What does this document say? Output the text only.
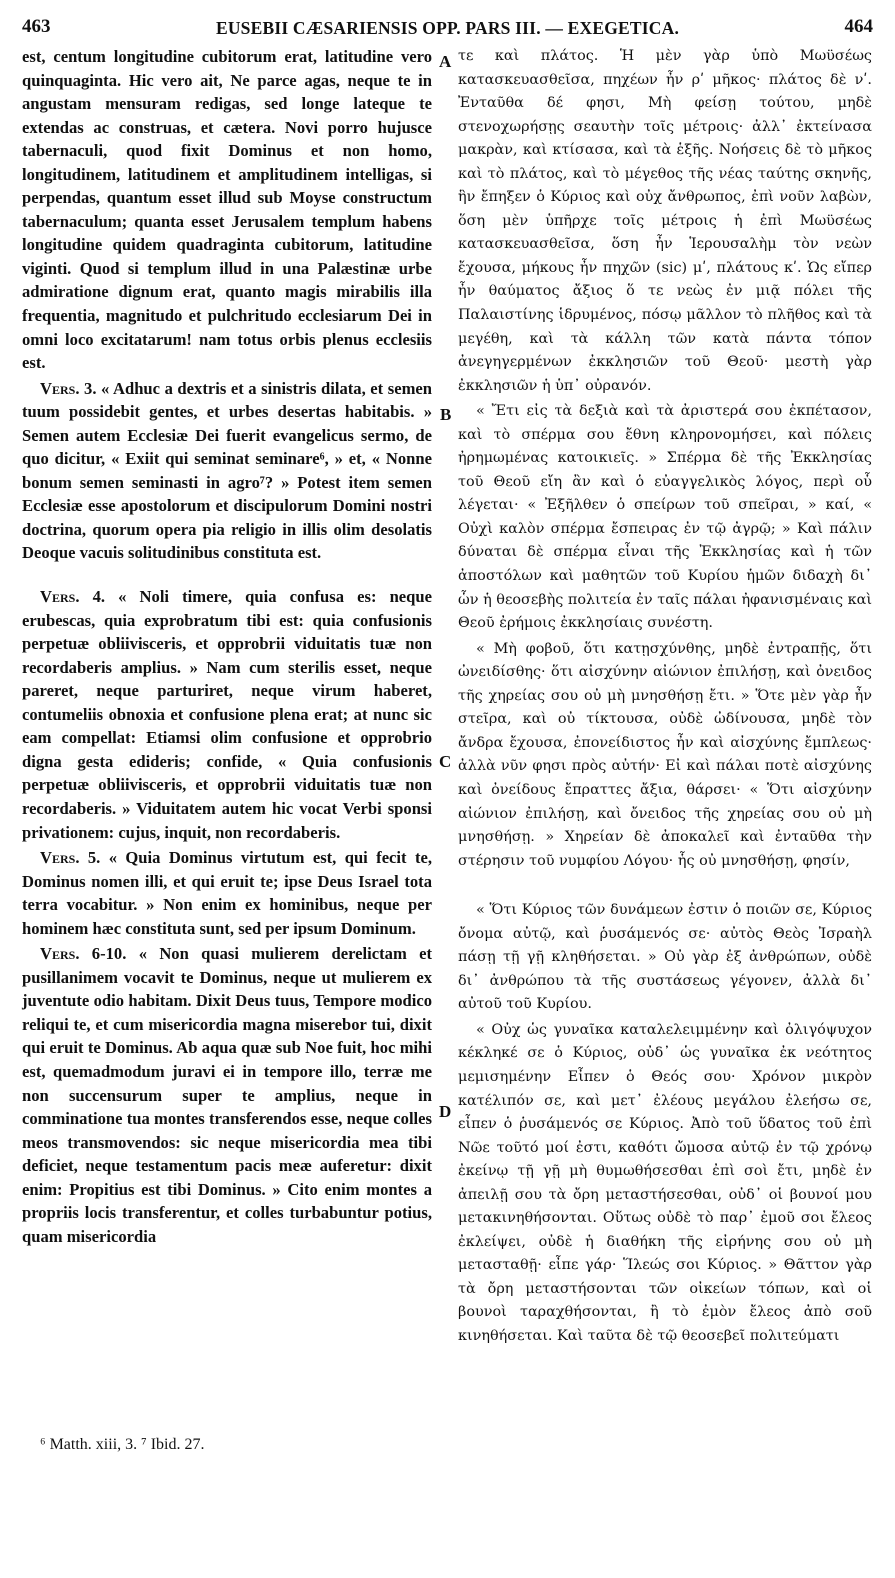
463	EUSEBII CÆSARIENSIS OPP. PARS III. — EXEGETICA.	464

est, centum longitudine cubitorum erat, latitudine vero quinquaginta. Hic vero ait, Ne parce agas, neque te in angustam mensuram redigas, sed longe lateque te extendas ac construas, et cætera. Novi porro hujusce tabernaculi, quod fixit Dominus et non homo, longitudinem, latitudinem et amplitudinem intelligas, si perpendas, quantum esset illud sub Moyse constructum tabernaculum; quanta esset Jerusalem templum habens longitudine quidem quadraginta cubitorum, latitudine viginti. Quod si templum illud in una Palæstinæ urbe admiratione dignum erat, quanto magis mirabilis illa frequentia, magnitudo et pulchritudo ecclesiarum Dei in omni loco excitatarum! nam totus orbis plenus ecclesiis est.

Vers. 3. « Adhuc a dextris et a sinistris dilata, et semen tuum possidebit gentes, et urbes desertas habitabis. » Semen autem Ecclesiæ Dei fuerit evangelicus sermo, de quo dicitur, « Exiit qui seminat seminare⁶, » et, « Nonne bonum semen seminasti in agro⁷? » Potest item semen Ecclesiæ esse apostolorum et discipulorum Domini nostri doctrina, quorum opera pia religio in illis olim desolatis Deoque vacuis solitudinibus constituta est.

Vers. 4. « Noli timere, quia confusa es: neque erubescas, quia exprobratum tibi est: quia confusionis perpetuæ obliivisceris, et opprobrii viduitatis tuæ non recordaberis amplius. » Nam cum sterilis esset, neque pareret, neque parturiret, neque virum haberet, contumeliis obnoxia et confusione plena erat; at nunc sic eam compellat: Etiamsi olim confusione et opprobrio digna gesta edideris; confide, « Quia confusionis perpetuæ obliivisceris, et opprobrii viduitatis tuæ non recordaberis. » Viduitatem autem hic vocat Verbi sponsi privationem: cujus, inquit, non recordaberis.

Vers. 5. « Quia Dominus virtutum est, qui fecit te, Dominus nomen illi, et qui eruit te; ipse Deus Israel tota terra vocabitur. » Non enim ex hominibus, neque per hominem hæc constituta sunt, sed per ipsum Dominum.

Vers. 6-10. « Non quasi mulierem derelictam et pusillanimem vocavit te Dominus, neque ut mulierem ex juventute odio habitam. Dixit Deus tuus, Tempore modico reliqui te, et cum misericordia magna miserebor tui, dixit qui eruit te Dominus. Ab aqua quæ sub Noe fuit, hoc mihi est, quemadmodum juravi ei in tempore illo, terræ me non succensurum super te amplius, neque in comminatione tua montes transferendos esse, neque colles meos transmovendos: sic neque misericordia mea tibi deficiet, neque testamentum pacis meæ auferetur: dixit enim: Propitius est tibi Dominus. » Cito enim montes a propriis locis transferentur, et colles turbabuntur potius, quam misericordia

A
B
C
D

τε καὶ πλάτος. Ἡ μὲν γὰρ ὑπὸ Μωϋσέως κατασκευασθεῖσα, πηχέων ἦν ρʹ μῆκος· πλάτος δὲ νʹ. Ἐνταῦθα δέ φησι, Μὴ φείσῃ τούτου, μηδὲ στενοχωρήσῃς σεαυτὴν τοῖς μέτροις· ἀλλ᾽ ἐκτείνασα μακρὰν, καὶ κτίσασα, καὶ τὰ ἑξῆς. Νοήσεις δὲ τὸ μῆκος καὶ τὸ πλάτος, καὶ τὸ μέγεθος τῆς νέας ταύτης σκηνῆς, ἣν ἔπηξεν ὁ Κύριος καὶ οὐχ ἄνθρωπος, ἐπὶ νοῦν λαβὼν, ὅση μὲν ὑπῆρχε τοῖς μέτροις ἡ ἐπὶ Μωϋσέως κατασκευασθεῖσα, ὅση ἦν Ἱερουσαλὴμ τὸν νεὼν ἔχουσα, μήκους ἦν πηχῶν (sic) μʹ, πλάτους κʹ. Ὡς εἴπερ ἦν θαύματος ἄξιος ὅ τε νεὼς ἐν μιᾷ πόλει τῆς Παλαιστίνης ἱδρυμένος, πόσῳ μᾶλλον τὸ πλῆθος καὶ τὰ μεγέθη, καὶ τὰ κάλλη τῶν κατὰ πάντα τόπον ἀνεγηγερμένων ἐκκλησιῶν τοῦ Θεοῦ· μεστὴ γὰρ ἐκκλησιῶν ἡ ὑπ᾽ οὐρανόν.

« Ἔτι εἰς τὰ δεξιὰ καὶ τὰ ἀριστερά σου ἐκπέτασον, καὶ τὸ σπέρμα σου ἔθνη κληρονομήσει, καὶ πόλεις ἠρημωμένας κατοικιεῖς. » Σπέρμα δὲ τῆς Ἐκκλησίας τοῦ Θεοῦ εἴη ἂν καὶ ὁ εὐαγγελικὸς λόγος, περὶ οὗ λέγεται· « Ἐξῆλθεν ὁ σπείρων τοῦ σπεῖραι, » καί, « Οὐχὶ καλὸν σπέρμα ἔσπειρας ἐν τῷ ἀγρῷ; » Καὶ πάλιν δύναται δὲ σπέρμα εἶναι τῆς Ἐκκλησίας καὶ ἡ τῶν ἀποστόλων καὶ μαθητῶν τοῦ Κυρίου ἡμῶν διδαχὴ δι᾽ ὧν ἡ θεοσεβὴς πολιτεία ἐν ταῖς πάλαι ἠφανισμέναις καὶ Θεοῦ ἐρήμοις ἐκκλησίαις συνέστη.

« Μὴ φοβοῦ, ὅτι κατῃσχύνθης, μηδὲ ἐντραπῇς, ὅτι ὠνειδίσθης· ὅτι αἰσχύνην αἰώνιον ἐπιλήσῃ, καὶ ὀνειδος τῆς χηρείας σου οὐ μὴ μνησθήσῃ ἔτι. » Ὅτε μὲν γὰρ ἦν στεῖρα, καὶ οὐ τίκτουσα, οὐδὲ ὠδίνουσα, μηδὲ τὸν ἄνδρα ἔχουσα, ἐπονείδιστος ἦν καὶ αἰσχύνης ἔμπλεως· ἀλλὰ νῦν φησι πρὸς αὐτήν· Εἰ καὶ πάλαι ποτὲ αἰσχύνης καὶ ὀνείδους ἔπραττες ἄξια, θάρσει· « Ὅτι αἰσχύνην αἰώνιον ἐπιλήσῃ, καὶ ὄνειδος τῆς χηρείας σου οὐ μὴ μνησθήσῃ. » Χηρείαν δὲ ἀποκαλεῖ καὶ ἐνταῦθα τὴν στέρησιν τοῦ νυμφίου Λόγου· ἧς οὐ μνησθήσῃ, φησίν,

« Ὅτι Κύριος τῶν δυνάμεων ἐστιν ὁ ποιῶν σε, Κύριος ὄνομα αὐτῷ, καὶ ῥυσάμενός σε· αὐτὸς Θεὸς Ἰσραὴλ πάσῃ τῇ γῇ κληθήσεται. » Οὐ γὰρ ἐξ ἀνθρώπων, οὐδὲ δι᾽ ἀνθρώπου τὰ τῆς συστάσεως γέγονεν, ἀλλὰ δι᾽ αὐτοῦ τοῦ Κυρίου.

« Οὐχ ὡς γυναῖκα καταλελειμμένην καὶ ὀλιγόψυχον κέκληκέ σε ὁ Κύριος, οὐδ᾽ ὡς γυναῖκα ἐκ νεότητος μεμισημένην Εἶπεν ὁ Θεός σου· Χρόνον μικρὸν κατέλιπόν σε, καὶ μετ᾽ ἐλέους μεγάλου ἐλεήσω σε, εἶπεν ὁ ῥυσάμενός σε Κύριος. Ἀπὸ τοῦ ὕδατος τοῦ ἐπὶ Νῶε τοῦτό μοί ἐστι, καθότι ὤμοσα αὐτῷ ἐν τῷ χρόνῳ ἐκείνῳ τῇ γῇ μὴ θυμωθήσεσθαι ἐπὶ σοὶ ἔτι, μηδὲ ἐν ἀπειλῇ σου τὰ ὄρη μεταστήσεσθαι, οὐδ᾽ οἱ βουνοί μου μετακινηθήσονται. Οὕτως οὐδὲ τὸ παρ᾽ ἐμοῦ σοι ἔλεος ἐκλείψει, οὐδὲ ἡ διαθήκη τῆς εἰρήνης σου οὐ μὴ μετασταθῇ· εἶπε γάρ· Ἵλεώς σοι Κύριος. » Θᾶττον γὰρ τὰ ὄρη μεταστήσονται τῶν οἰκείων τόπων, καὶ οἱ βουνοὶ ταραχθήσονται, ἢ τὸ ἐμὸν ἔλεος ἀπὸ σοῦ κινηθήσεται. Καὶ ταῦτα δὲ τῷ θεοσεβεῖ πολιτεύματι

⁶ Matth. xiii, 3. ⁷ Ibid. 27.
